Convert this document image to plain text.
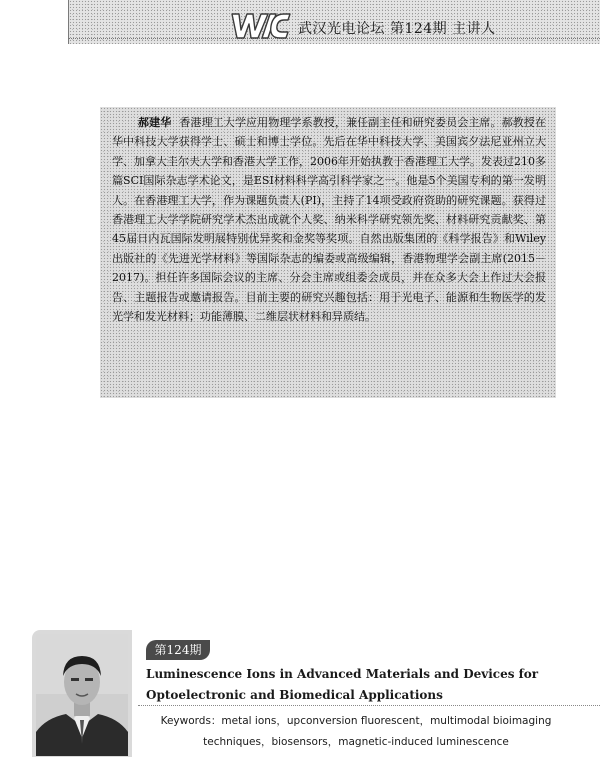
武汉光电论坛 第124期 主讲人

郝建华 香港理工大学应用物理学系教授，兼任副主任和研究委员会主席。郝教授在华中科技大学获得学士、硕士和博士学位。先后在华中科技大学、美国宾夕法尼亚州立大学、加拿大圭尔夫大学和香港大学工作，2006年开始执教于香港理工大学。发表过210多篇SCI国际杂志学术论文，是ESI材料科学高引科学家之一。他是5个美国专利的第一发明人。在香港理工大学，作为课题负责人(PI)，主持了14项受政府资助的研究课题。获得过香港理工大学学院研究学术杰出成就个人奖、纳米科学研究领先奖、材料研究贡献奖、第45届日内瓦国际发明展特别优异奖和金奖等奖项。自然出版集团的《科学报告》和Wiley出版社的《先进光学材料》等国际杂志的编委或高级编辑，香港物理学会副主席(2015－2017)。担任许多国际会议的主席、分会主席或组委会成员，并在众多大会上作过大会报告、主题报告或邀请报告。目前主要的研究兴趣包括：用于光电子、能源和生物医学的发光学和发光材料；功能薄膜、二维层状材料和异质结。

第124期

Luminescence Ions in Advanced Materials and Devices for Optoelectronic and Biomedical Applications

Keywords：metal ions，upconversion fluorescent，multimodal bioimaging techniques，biosensors，magnetic-induced luminescence
